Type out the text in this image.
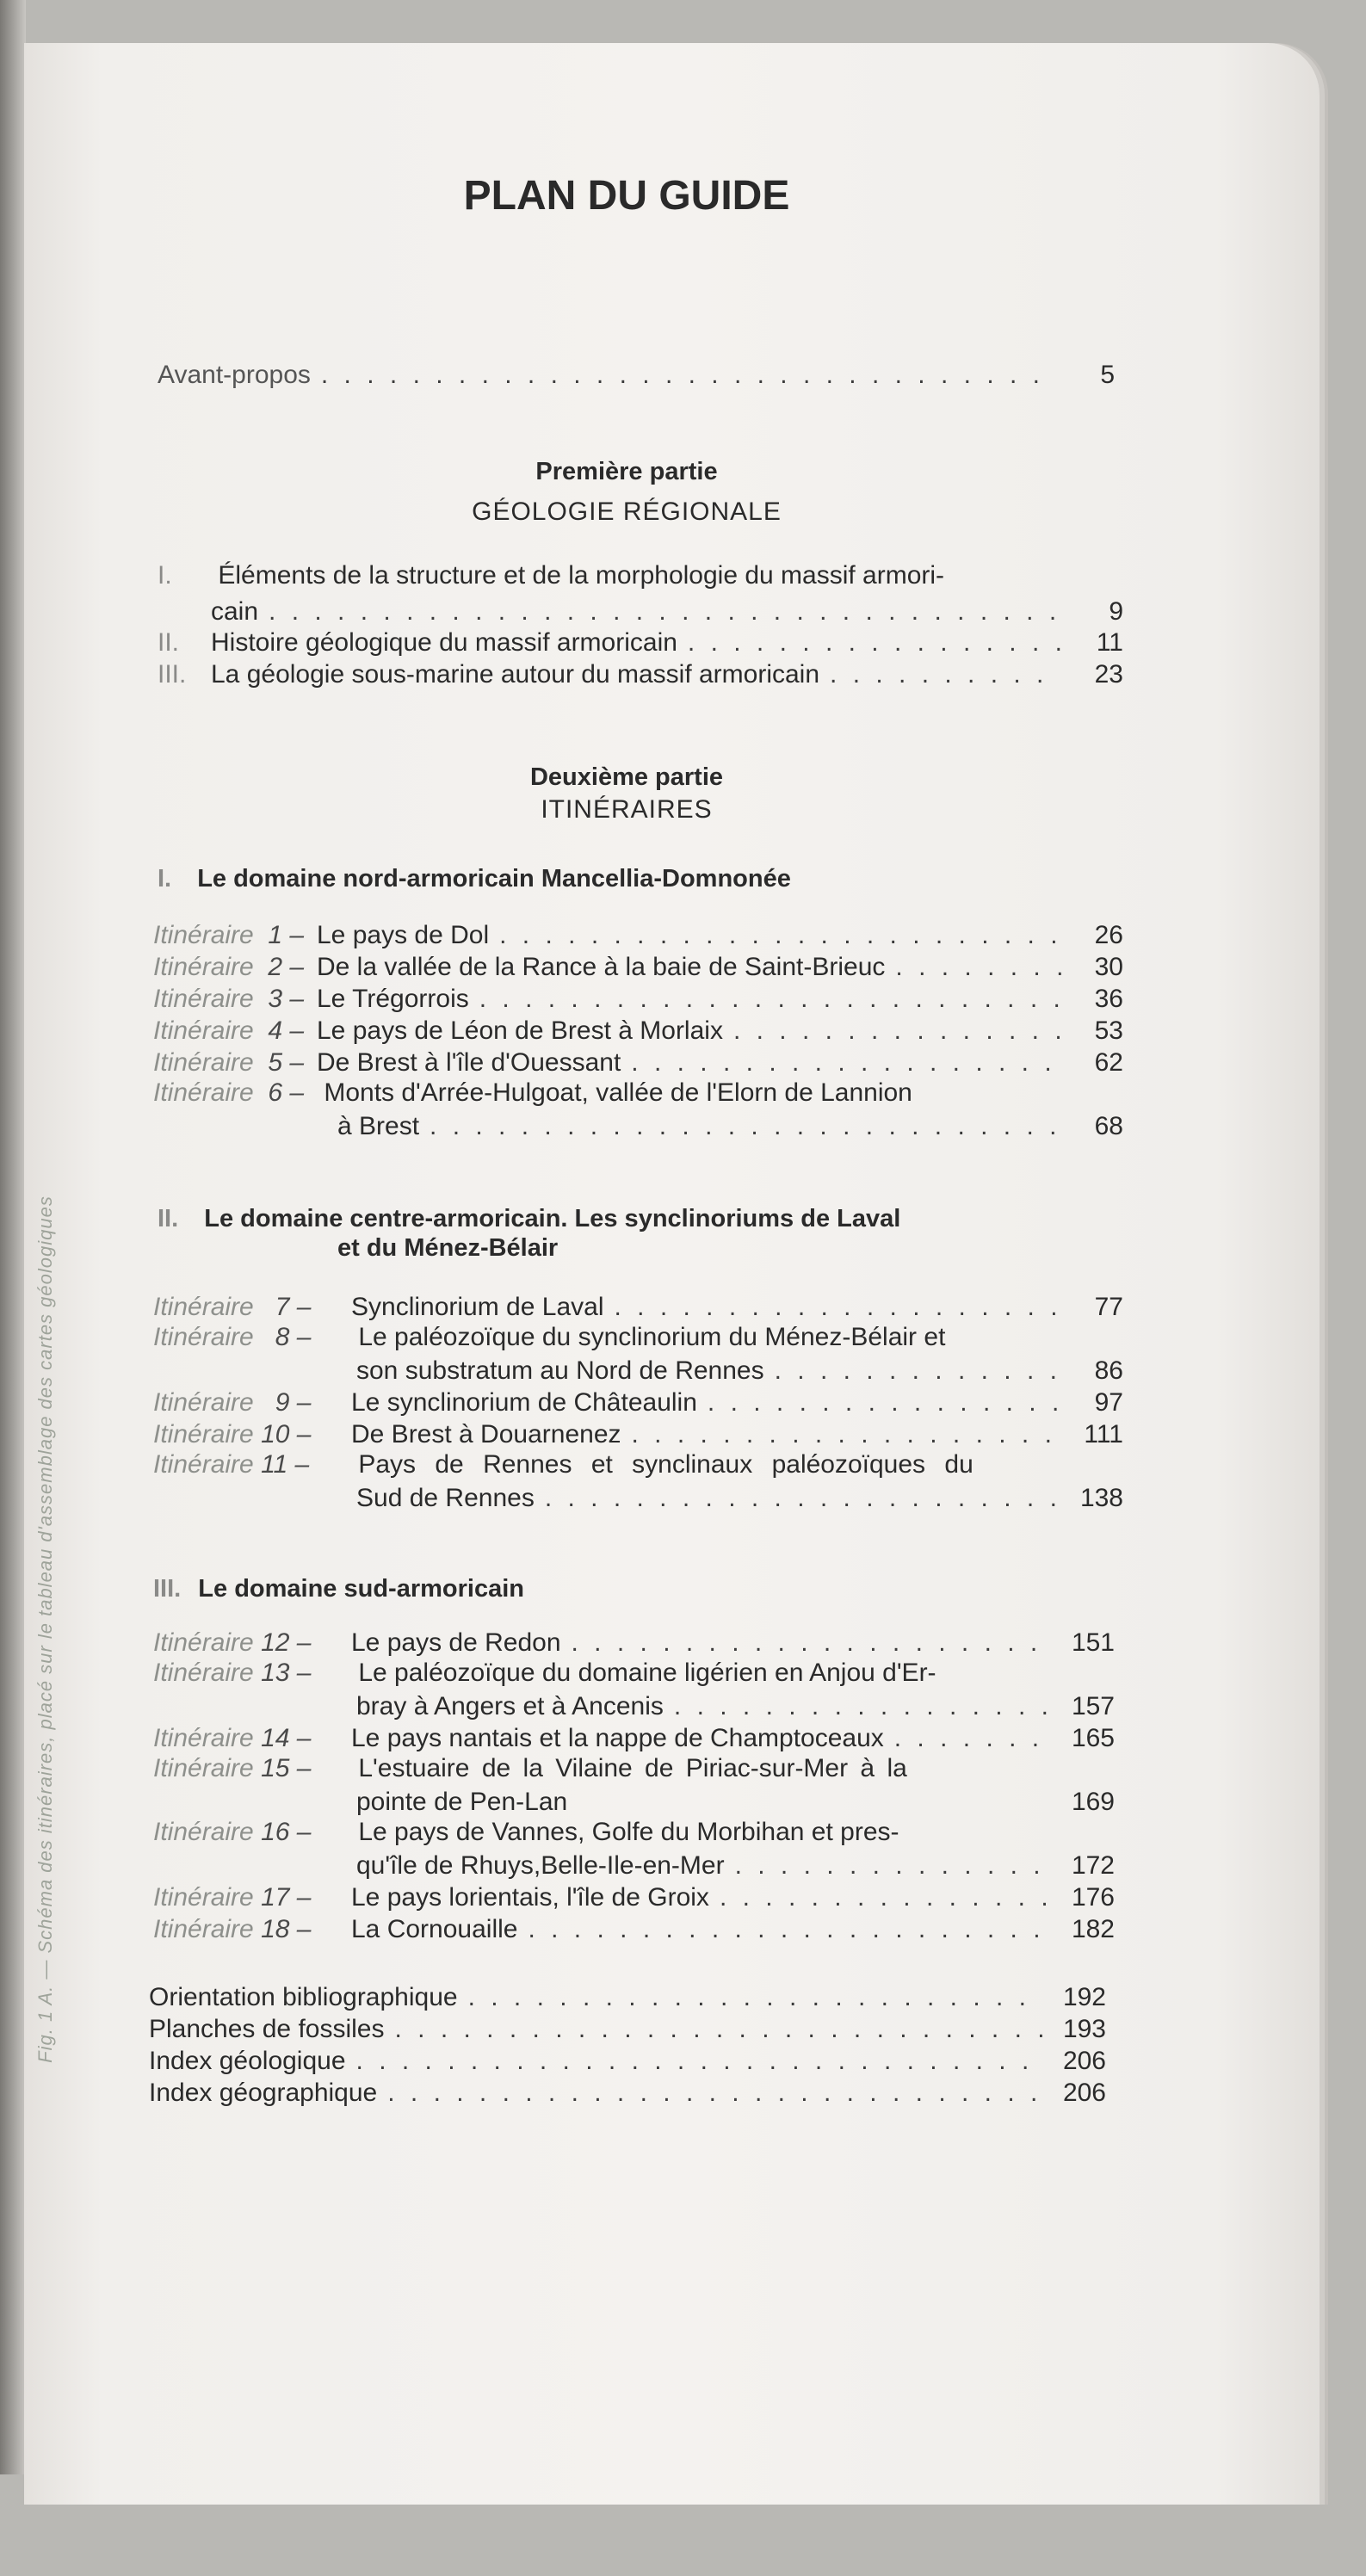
Fig. 1 A. — Schéma des itinéraires, placé sur le tableau d'assemblage des cartes géologiques
PLAN DU GUIDE
Avant-propos . . .	5
Première partie
GÉOLOGIE RÉGIONALE
I. Éléments de la structure et de la morphologie du massif armori-
cain . . .	9
II.	Histoire géologique du massif armoricain . . .	11
III. La géologie sous-marine autour du massif armoricain . . .	23
Deuxième partie
ITINÉRAIRES
I. Le domaine nord-armoricain Mancellia-Domnonée
Itinéraire 1 – Le pays de Dol . . .	26
Itinéraire 2 – De la vallée de la Rance à la baie de Saint-Brieuc . . .	30
Itinéraire 3 – Le Trégorrois . . .	36
Itinéraire 4 – Le pays de Léon de Brest à Morlaix . . .	53
Itinéraire 5 – De Brest à l'île d'Ouessant . . .	62
Itinéraire 6 – Monts d'Arrée-Hulgoat, vallée de l'Elorn de Lannion
à Brest . . .	68
II. Le domaine centre-armoricain. Les synclinoriums de Laval
et du Ménez-Bélair
Itinéraire 7 –	Synclinorium de Laval . . .	77
Itinéraire 8 – Le paléozoïque du synclinorium du Ménez-Bélair et
son substratum au Nord de Rennes . . .	86
Itinéraire 9 –	Le synclinorium de Châteaulin . . .	97
Itinéraire 10 –	De Brest à Douarnenez . . .	111
Itinéraire 11 – Pays de Rennes et synclinaux paléozoïques du
Sud de Rennes . . .	138
III. Le domaine sud-armoricain
Itinéraire 12 –	Le pays de Redon . . .	151
Itinéraire 13 – Le paléozoïque du domaine ligérien en Anjou d'Er-
bray à Angers et à Ancenis . . .	157
Itinéraire 14 –	Le pays nantais et la nappe de Champtoceaux . . .	165
Itinéraire 15 – L'estuaire de la Vilaine de Piriac-sur-Mer à la
pointe de Pen-Lan	169
Itinéraire 16 – Le pays de Vannes, Golfe du Morbihan et pres-
qu'île de Rhuys,Belle-Ile-en-Mer . . .	172
Itinéraire 17 –	Le pays lorientais, l'île de Groix . . .	176
Itinéraire 18 –	La Cornouaille . . .	182
Orientation bibliographique . . .	192
Planches de fossiles . . .	193
Index géologique . . .	206
Index géographique . . .	206
